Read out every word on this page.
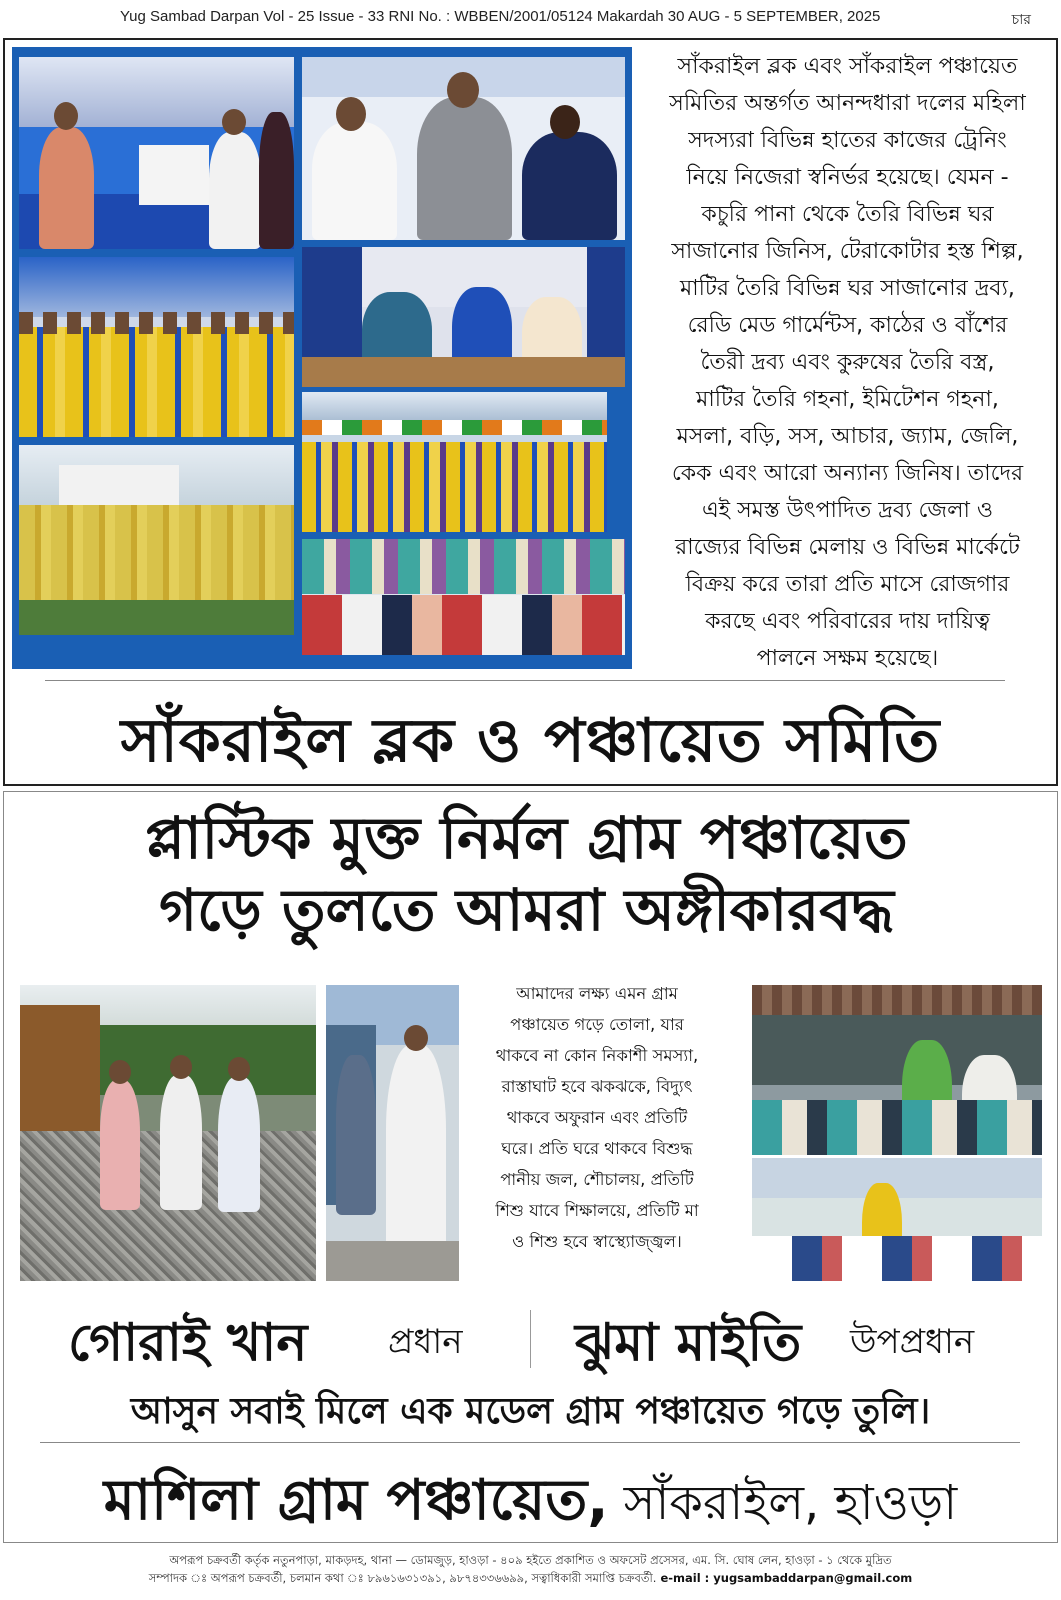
Yug Sambad Darpan Vol - 25 Issue - 33 RNI No. : WBBEN/2001/05124 Makardah 30 AUG - 5 SEPTEMBER, 2025	চার
সাঁকরাইল ব্লক এবং সাঁকরাইল পঞ্চায়েত
সমিতির অন্তর্গত আনন্দধারা দলের মহিলা
সদস্যরা বিভিন্ন হাতের কাজের ট্রেনিং
নিয়ে নিজেরা স্বনির্ভর হয়েছে। যেমন -
কচুরি পানা থেকে তৈরি বিভিন্ন ঘর
সাজানোর জিনিস, টেরাকোটার হস্ত শিল্প,
মাটির তৈরি বিভিন্ন ঘর সাজানোর দ্রব্য,
রেডি মেড গার্মেন্টস, কাঠের ও বাঁশের
তৈরী দ্রব্য এবং কুরুষের তৈরি বস্ত্র,
মাটির তৈরি গহনা, ইমিটেশন গহনা,
মসলা, বড়ি, সস, আচার, জ্যাম, জেলি,
কেক এবং আরো অন্যান্য জিনিষ। তাদের
এই সমস্ত উৎপাদিত দ্রব্য জেলা ও
রাজ্যের বিভিন্ন মেলায় ও বিভিন্ন মার্কেটে
বিক্রয় করে তারা প্রতি মাসে রোজগার
করছে এবং পরিবারের দায় দায়িত্ব
পালনে সক্ষম হয়েছে।
সাঁকরাইল ব্লক ও পঞ্চায়েত সমিতি
প্লাস্টিক মুক্ত নির্মল গ্রাম পঞ্চায়েত
গড়ে তুলতে আমরা অঙ্গীকারবদ্ধ
আমাদের লক্ষ্য এমন গ্রাম
পঞ্চায়েত গড়ে তোলা, যার
থাকবে না কোন নিকাশী সমস্যা,
রাস্তাঘাট হবে ঝকঝকে, বিদ্যুৎ
থাকবে অফুরান এবং প্রতিটি
ঘরে। প্রতি ঘরে থাকবে বিশুদ্ধ
পানীয় জল, শৌচালয়, প্রতিটি
শিশু যাবে শিক্ষালয়ে, প্রতিটি মা
ও শিশু হবে স্বাস্থ্যোজ্জ্বল।
গোরাই খান প্রধান ঝুমা মাইতি উপপ্রধান
আসুন সবাই মিলে এক মডেল গ্রাম পঞ্চায়েত গড়ে তুলি।
মাশিলা গ্রাম পঞ্চায়েত, সাঁকরাইল, হাওড়া
অপরূপ চক্রবর্তী কর্তৃক নতুনপাড়া, মাকড়দহ, থানা — ডোমজুড়, হাওড়া - ৪০৯ হইতে প্রকাশিত ও অফসেট প্রসেসর, এম. সি. ঘোষ লেন, হাওড়া - ১ থেকে মুদ্রিত
সম্পাদক ঃ অপরূপ চক্রবর্তী, চলমান কথা ঃ ৮৯৬১৬৩১৩৯১, ৯৮৭৪৩৩৬৬৯৯, সত্বাধিকারী সমাপ্তি চক্রবর্তী. e-mail : yugsambaddarpan@gmail.com
